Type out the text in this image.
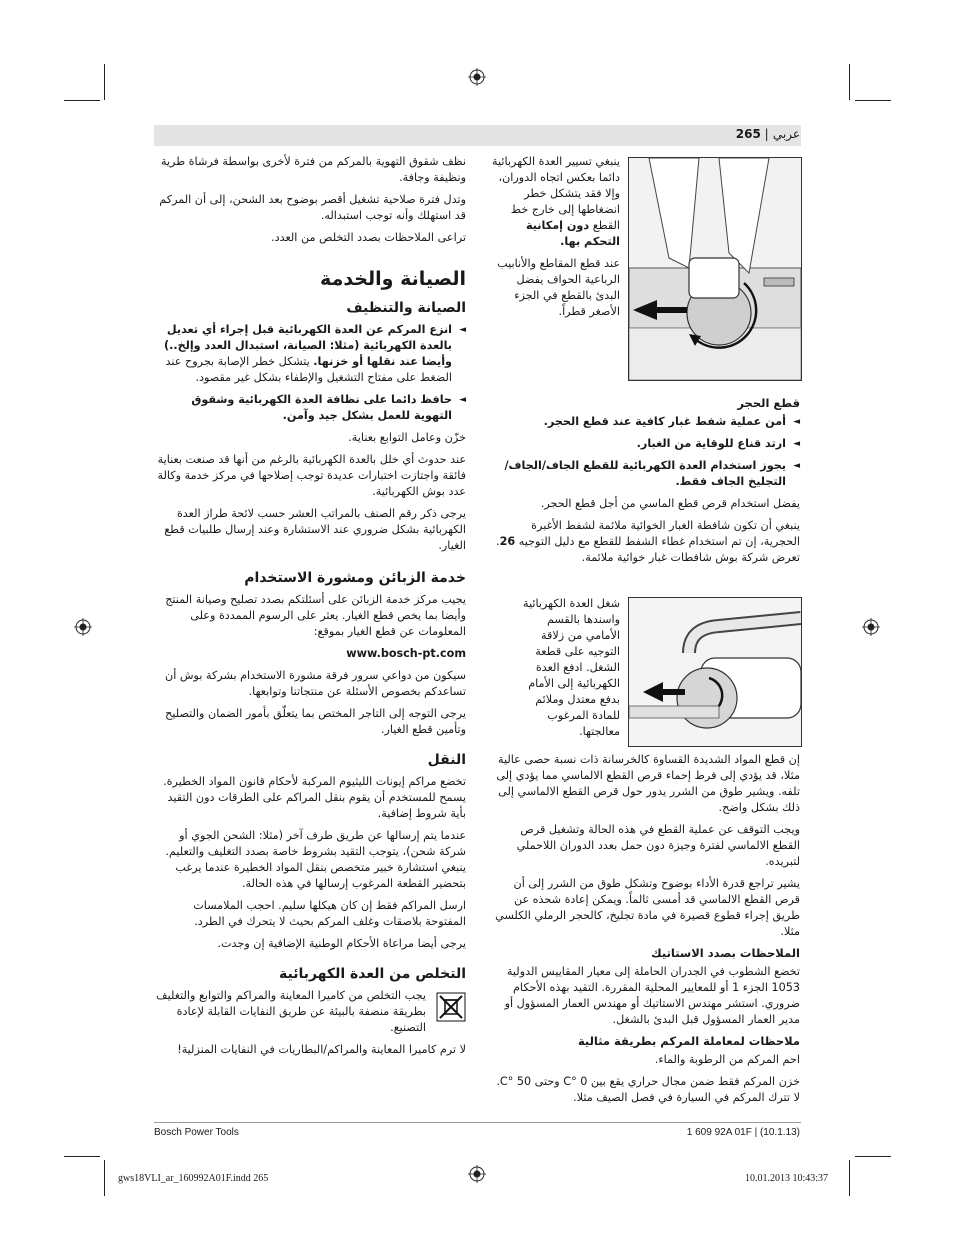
عربي | 265

نظف شقوق التهوية بالمركم من فترة لأخرى بواسطة فرشاة طرية ونظيفة وجافة.

وتدل فترة صلاحية تشغيل أقصر بوضوح بعد الشحن، إلى أن المركم قد استهلك وأنه توجب استبداله.

تراعى الملاحظات بصدد التخلص من العدد.

الصيانة والخدمة
الصيانة والتنظيف

◄ انزع المركم عن العدة الكهربائية قبل إجراء أي تعديل بالعدة الكهربائية (مثلا: الصيانة، استبدال العدد وإلخ..) وأيضا عند نقلها أو خزنها. يتشكل خطر الإصابة بجروح عند الضغط على مفتاح التشغيل والإطفاء بشكل غير مقصود.

◄ حافظ دائما على نظافة العدة الكهربائية وشقوق التهوية للعمل بشكل جيد وآمن.

خزّن وعامل التوابع بعناية.

عند حدوث أي خلل بالعدة الكهربائية بالرغم من أنها قد صنعت بعناية فائقة واجتازت اختبارات عديدة توجب إصلاحها في مركز خدمة وكالة عدد بوش الكهربائية.

يرجى ذكر رقم الصنف بالمراتب العشر حسب لائحة طراز العدة الكهربائية بشكل ضروري عند الاستشارة وعند إرسال طلبيات قطع الغيار.

خدمة الزبائن ومشورة الاستخدام

يجيب مركز خدمة الزبائن على أسئلتكم بصدد تصليح وصيانة المنتج وأيضا بما يخص قطع الغيار. يعثر على الرسوم الممددة وعلى المعلومات عن قطع الغيار بموقع:

www.bosch-pt.com

سيكون من دواعي سرور فرقة مشورة الاستخدام بشركة بوش أن تساعدكم بخصوص الأسئلة عن منتجاتنا وتوابعها.

يرجى التوجه إلى التاجر المختص بما يتعلّق بأمور الضمان والتصليح وتأمين قطع الغيار.

النقل

تخضع مراكم إيونات الليثيوم المركبة لأحكام قانون المواد الخطيرة. يسمح للمستخدم أن يقوم بنقل المراكم على الطرقات دون التقيد بأية شروط إضافية.

عندما يتم إرسالها عن طريق طرف آخر (مثلا: الشحن الجوي أو شركة شحن)، يتوجب التقيد بشروط خاصة بصدد التغليف والتعليم. ينبغي استشارة خبير متخصص بنقل المواد الخطيرة عندما يرغب بتحضير القطعة المرغوب إرسالها في هذه الحالة.

ارسل المراكم فقط إن كان هيكلها سليم. احجب الملامسات المفتوحة بلاصقات وغلف المركم بحيث لا يتحرك في الطرد.

يرجى أيضا مراعاة الأحكام الوطنية الإضافية إن وجدت.

التخلص من العدة الكهربائية

يجب التخلص من كاميرا المعاينة والمراكم والتوابع والتغليف بطريقة منصفة بالبيئة عن طريق النفايات القابلة لإعادة التصنيع.

لا ترم كاميرا المعاينة والمراكم/البطاريات في النفايات المنزلية!

ينبغي تسيير العدة الكهربائية دائما بعكس اتجاه الدوران، وإلا فقد يتشكل خطر انضغاطها إلى خارج خط القطع دون إمكانية التحكم بها.

عند قطع المقاطع والأنابيب الرباعية الحواف يفضل البدئ بالقطع في الجزء الأصغر قطراً.

قطع الحجر

◄ أمن عملية شفط غبار كافية عند قطع الحجر.

◄ ارتد قناع للوقاية من الغبار.

◄ يجوز استخدام العدة الكهربائية للقطع الجاف/الجاف/التجليخ الجاف فقط.

يفضل استخدام قرص قطع الماسي من أجل قطع الحجر.

ينبغي أن تكون شافطة الغبار الخوائية ملائمة لشفط الأغبرة الحجرية، إن تم استخدام غطاء الشفط للقطع مع دليل التوجيه 26. تعرض شركة بوش شافطات غبار خوائية ملائمة.

شغل العدة الكهربائية واسندها بالقسم الأمامي من زلاقة التوجيه على قطعة الشغل. ادفع العدة الكهربائية إلى الأمام بدفع معتدل وملائم للمادة المرغوب معالجتها.

إن قطع المواد الشديدة القساوة كالخرسانة ذات نسبة حصى عالية مثلا، قد يؤدي إلى فرط إحماء قرص القطع الالماسي مما يؤدي إلى تلفه. ويشير طوق من الشرر يدور حول قرص القطع الالماسي إلى ذلك بشكل واضح.

ويجب التوقف عن عملية القطع في هذه الحالة وتشغيل قرص القطع الالماسي لفترة وجيزة دون حمل بعدد الدوران اللاحملي لتبريده.

يشير تراجع قدرة الأداء بوضوح وتشكل طوق من الشرر إلى أن قرص القطع الالماسي قد أمسى ثالماً. ويمكن إعادة شحذه عن طريق إجراء قطوع قصيرة في مادة تجليخ، كالحجر الرملي الكلسي مثلا.

الملاحظات بصدد الاستاتيك

تخضع الشطوب في الجدران الحاملة إلى معيار المقاييس الدولية 1053 الجزء 1 أو للمعايير المحلية المقررة. التقيد بهذه الأحكام ضروري. استشر مهندس الاستاتيك أو مهندس العمار المسؤول أو مدير العمار المسؤول قبل البدئ بالشغل.

ملاحظات لمعاملة المركم بطريقة مثالية

احم المركم من الرطوبة والماء.

خزن المركم فقط ضمن مجال حراري يقع بين 0 °C وحتى 50 °C. لا تترك المركم في السيارة في فصل الصيف مثلا.

Bosch Power Tools	1 609 92A 01F | (10.1.13)
gws18VLI_ar_160992A01F.indd 265	10.01.2013 10:43:37
